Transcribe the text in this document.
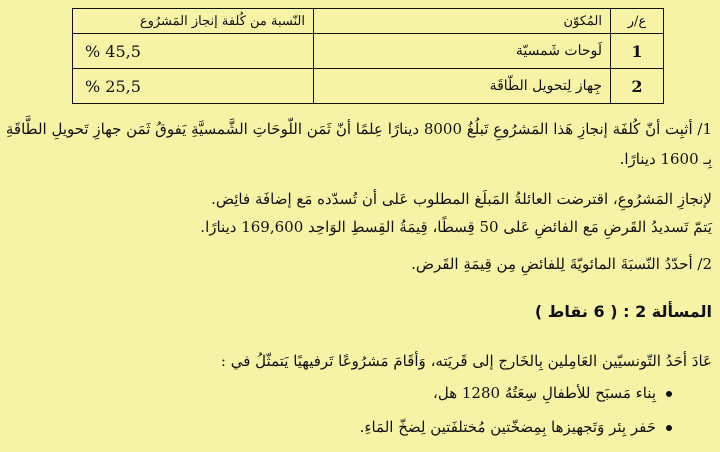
ع/ر	المُكوّن	النّسبة من كُلفة إنجاز المَشرُوع
1	لَوحات شَمسيّة	% 45,5
2	جِهاز لِتحويل الطّاقَة	% 25,5
1/ أثبِت أنّ كُلفَة إنجازِ هَذا المَشرُوعِ تَبلُغُ 8000 دينارًا عِلمًا أنّ ثَمَن اللّوحَاتِ الشَّمسيَّةِ يَفوقُ ثَمَن جهازِ تَحويلِ الطَّاقَةِ
بِـ 1600 دينارًا.
لإنجازِ المَشرُوعِ، اقترضت العائلةُ المَبلَغ المطلوب عَلى أن تُسدّده مَع إضافَة فائِض.
يَتمّ تَسديدُ القَرضِ مَع الفائضِ عَلى 50 قِسطًا، قِيمَةُ القِسطِ الوَاحِد 169,600 دينارًا.
2/ أحدّدُ النّسبَةَ المائويّةَ لِلفائضِ مِن قِيمَةِ القَرض.
المسألة 2 : ( 6 نقاط )
عَادَ أحَدُ التّونسيّين العَامِلين بِالخَارج إلى قَريَته، وَأقَامَ مَشرُوعًا تَرفيهيًا يَتمثّلُ في :
بِناء مَسبَح للأطفالِ سِعَتُهُ 1280 هل،
حَفر بِئر وَتَجهيزها بِمِضخّتين مُختلفَتين لِضخّ المَاءِ.
